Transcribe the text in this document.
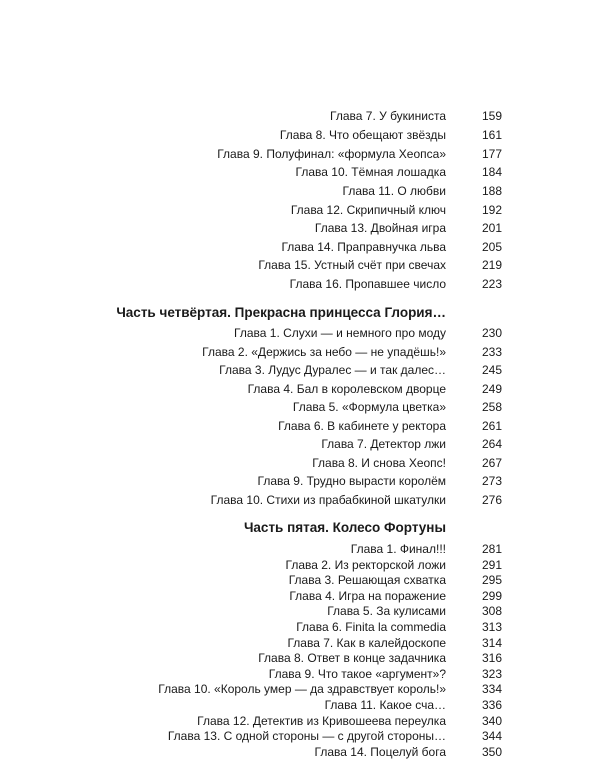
Глава 7. У букиниста	159
Глава 8. Что обещают звёзды	161
Глава 9. Полуфинал: «формула Хеопса»	177
Глава 10. Тёмная лошадка	184
Глава 11. О любви	188
Глава 12. Скрипичный ключ	192
Глава 13. Двойная игра	201
Глава 14. Праправнучка льва	205
Глава 15. Устный счёт при свечах	219
Глава 16. Пропавшее число	223
Часть четвёртая. Прекрасна принцесса Глория…
Глава 1. Слухи — и немного про моду	230
Глава 2. «Держись за небо — не упадёшь!»	233
Глава 3. Лудус Дуралес — и так далес…	245
Глава 4. Бал в королевском дворце	249
Глава 5. «Формула цветка»	258
Глава 6. В кабинете у ректора	261
Глава 7. Детектор лжи	264
Глава 8. И снова Хеопс!	267
Глава 9. Трудно вырасти королём	273
Глава 10. Стихи из прабабкиной шкатулки	276
Часть пятая. Колесо Фортуны
Глава 1. Финал!!!	281
Глава 2. Из ректорской ложи	291
Глава 3. Решающая схватка	295
Глава 4. Игра на поражение	299
Глава 5. За кулисами	308
Глава 6. Finita la commedia	313
Глава 7. Как в калейдоскопе	314
Глава 8. Ответ в конце задачника	316
Глава 9. Что такое «аргумент»?	323
Глава 10. «Король умер — да здравствует король!»	334
Глава 11. Какое сча…	336
Глава 12. Детектив из Кривошеева переулка	340
Глава 13. С одной стороны — с другой стороны…	344
Глава 14. Поцелуй бога	350
